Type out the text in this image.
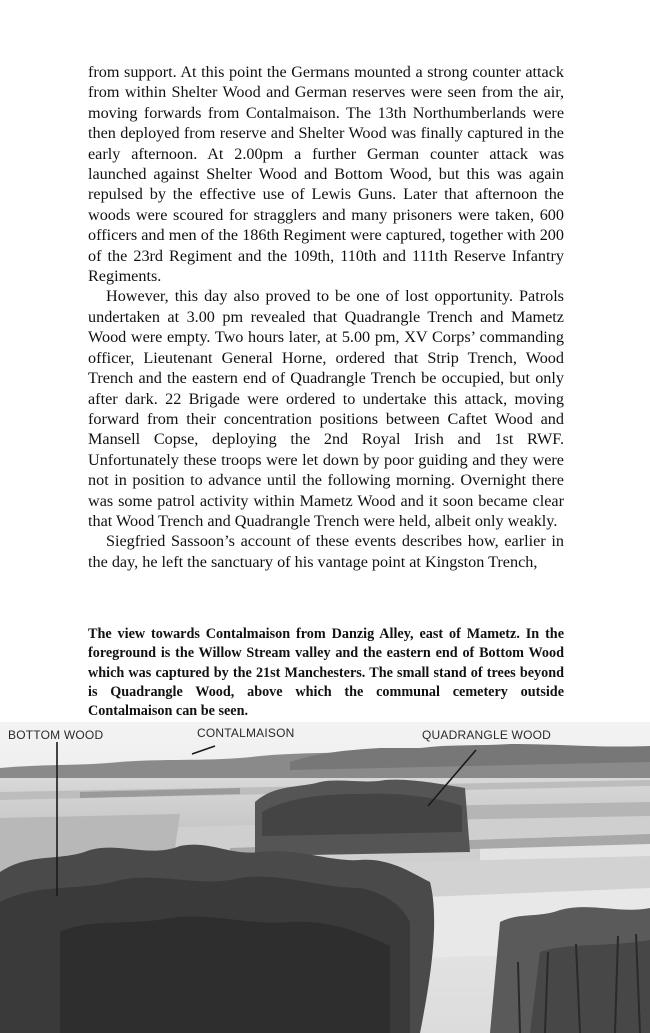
from support. At this point the Germans mounted a strong counter attack from within Shelter Wood and German reserves were seen from the air, moving forwards from Contalmaison. The 13th Northumberlands were then deployed from reserve and Shelter Wood was finally captured in the early afternoon. At 2.00pm a further German counter attack was launched against Shelter Wood and Bottom Wood, but this was again repulsed by the effective use of Lewis Guns. Later that afternoon the woods were scoured for stragglers and many prisoners were taken, 600 officers and men of the 186th Regiment were captured, together with 200 of the 23rd Regiment and the 109th, 110th and 111th Reserve Infantry Regiments.

However, this day also proved to be one of lost opportunity. Patrols undertaken at 3.00 pm revealed that Quadrangle Trench and Mametz Wood were empty. Two hours later, at 5.00 pm, XV Corps’ commanding officer, Lieutenant General Horne, ordered that Strip Trench, Wood Trench and the eastern end of Quadrangle Trench be occupied, but only after dark. 22 Brigade were ordered to undertake this attack, moving forward from their concentration positions between Caftet Wood and Mansell Copse, deploying the 2nd Royal Irish and 1st RWF. Unfortunately these troops were let down by poor guiding and they were not in position to advance until the following morning. Overnight there was some patrol activity within Mametz Wood and it soon became clear that Wood Trench and Quadrangle Trench were held, albeit only weakly.

Siegfried Sassoon’s account of these events describes how, earlier in the day, he left the sanctuary of his vantage point at Kingston Trench,

The view towards Contalmaison from Danzig Alley, east of Mametz. In the foreground is the Willow Stream valley and the eastern end of Bottom Wood which was captured by the 21st Manchesters. The small stand of trees beyond is Quadrangle Wood, above which the communal cemetery outside Contalmaison can be seen.

BOTTOM WOOD	CONTALMAISON	QUADRANGLE WOOD
